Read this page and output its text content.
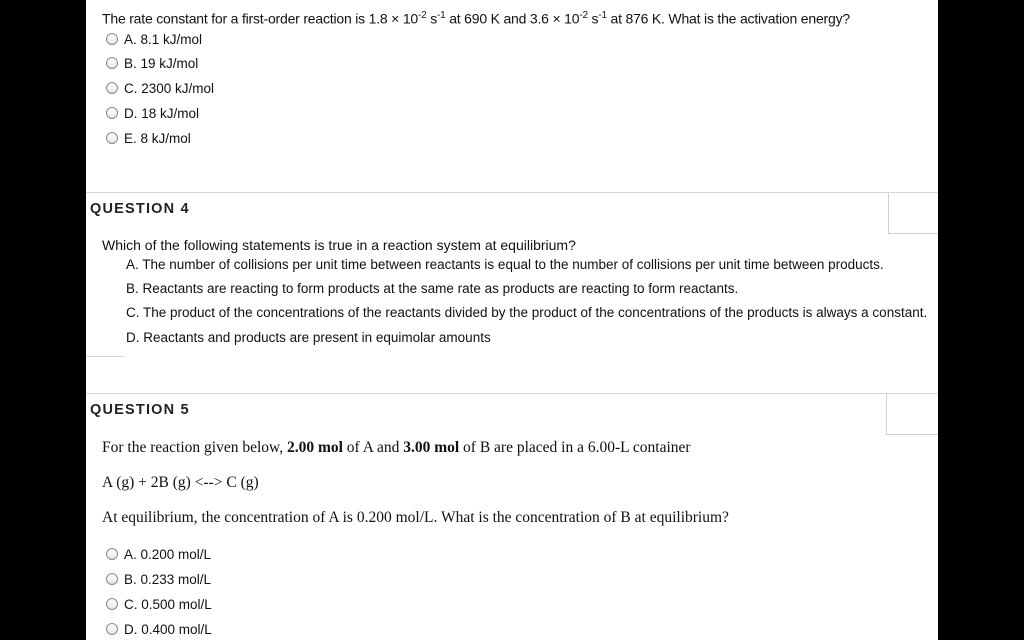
The rate constant for a first-order reaction is $1.8 \times 10^{-2}$ $s^{-1}$ at 690 K and $3.6 \times 10^{-2}$ $s^{-1}$ at 876 K. What is the activation energy?
A. 8.1 kJ/mol
B. 19 kJ/mol
C. 2300 kJ/mol
D. 18 kJ/mol
E. 8 kJ/mol
QUESTION 4
Which of the following statements is true in a reaction system at equilibrium?
A. The number of collisions per unit time between reactants is equal to the number of collisions per unit time between products.
B. Reactants are reacting to form products at the same rate as products are reacting to form reactants.
C. The product of the concentrations of the reactants divided by the product of the concentrations of the products is always a constant.
D. Reactants and products are present in equimolar amounts
QUESTION 5
For the reaction given below, 2.00 mol of A and 3.00 mol of B are placed in a 6.00-L container
A (g) + 2B (g) <--> C (g)
At equilibrium, the concentration of A is 0.200 mol/L. What is the concentration of B at equilibrium?
A. 0.200 mol/L
B. 0.233 mol/L
C. 0.500 mol/L
D. 0.400 mol/L
